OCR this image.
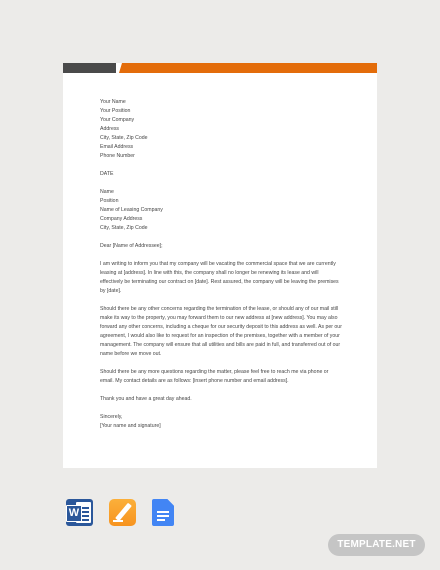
Your Name

Your Position

Your Company

Address

City, State, Zip Code

Email Address

Phone Number

DATE

Name

Position

Name of Leasing Company

Company Address

City, State, Zip Code

Dear [Name of Addressee];

I am writing to inform you that my company will be vacating the commercial space that we are currently leasing at [address]. In line with this, the company shall no longer be renewing its lease and will effectively be terminating our contract on [date]. Rest assured, the company will be leaving the premises by [date].

Should there be any other concerns regarding the termination of the lease, or should any of our mail still make its way to the property, you may forward them to our new address at [new address]. You may also forward any other concerns, including a cheque for our security deposit to this address as well. As per our agreement, I would also like to request for an inspection of the premises, together with a member of your management. The company will ensure that all utilities and bills are paid in full, and transferred out of our name before we move out.

Should there be any more questions regarding the matter, please feel free to reach me via phone or email. My contact details are as follows: [insert phone number and email address].

Thank you and have a great day ahead.

Sincerely,

[Your name and signature]

W
TEMPLATE.NET
